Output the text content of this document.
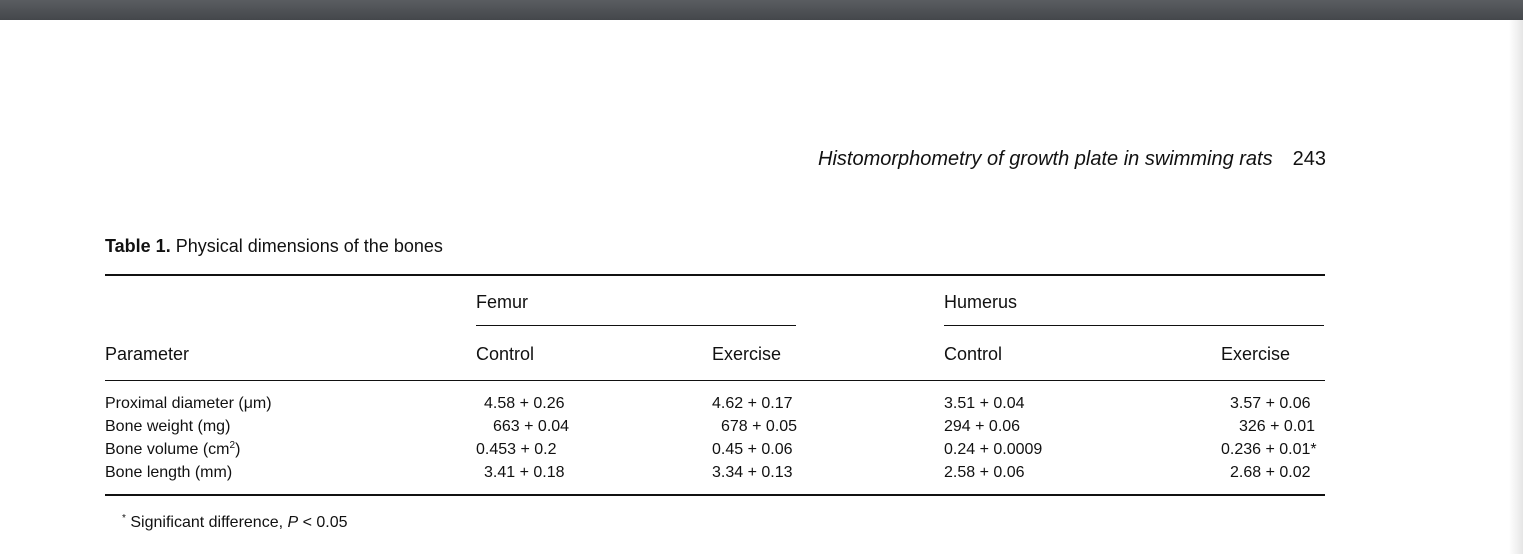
Histomorphometry of growth plate in swimming rats 243
Table 1. Physical dimensions of the bones
Femur	Humerus
Parameter	Control	Exercise	Control	Exercise
Proximal diameter (μm)	4.58 + 0.26	4.62 + 0.17	3.51 + 0.04	3.57 + 0.06
Bone weight (mg)	663 + 0.04	678 + 0.05	294 + 0.06	326 + 0.01
Bone volume $(cm^2)$	0.453 + 0.2	0.45 + 0.06	0.24 + 0.0009	0.236 + 0.01*
Bone length (mm)	3.41 + 0.18	3.34 + 0.13	2.58 + 0.06	2.68 + 0.02
* Significant difference, P < 0.05
